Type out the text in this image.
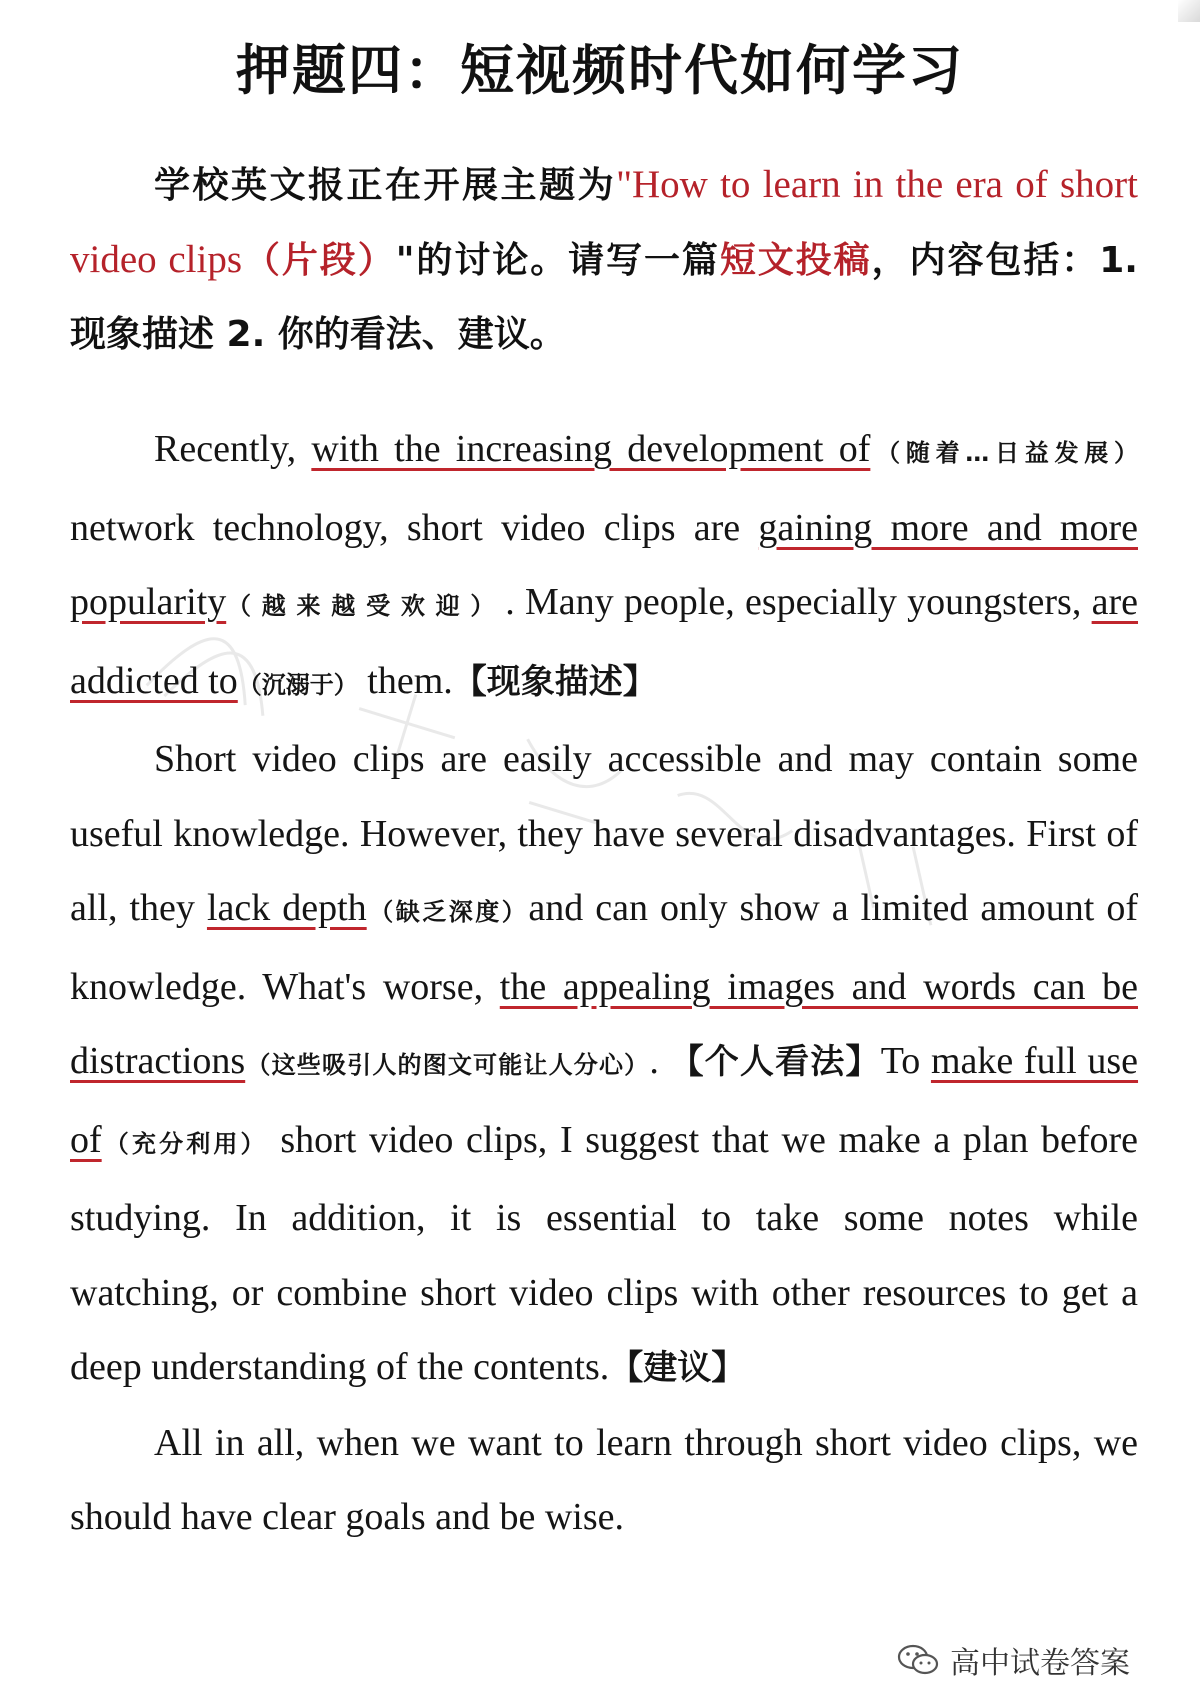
押题四：短视频时代如何学习
学校英文报正在开展主题为"How to learn in the era of short video clips（片段）"的讨论。请写一篇短文投稿，内容包括：1. 现象描述 2. 你的看法、建议。

Recently, with the increasing development of（随着…日益发展） network technology, short video clips are gaining more and more popularity（越来越受欢迎）. Many people, especially youngsters, are addicted to（沉溺于） them.【现象描述】

Short video clips are easily accessible and may contain some useful knowledge. However, they have several disadvantages. First of all, they lack depth（缺乏深度）and can only show a limited amount of knowledge. What's worse, the appealing images and words can be distractions（这些吸引人的图文可能让人分心）. 【个人看法】To make full use of（充分利用） short video clips, I suggest that we make a plan before studying. In addition, it is essential to take some notes while watching, or combine short video clips with other resources to get a deep understanding of the contents.【建议】

All in all, when we want to learn through short video clips, we should have clear goals and be wise.

高中试卷答案
